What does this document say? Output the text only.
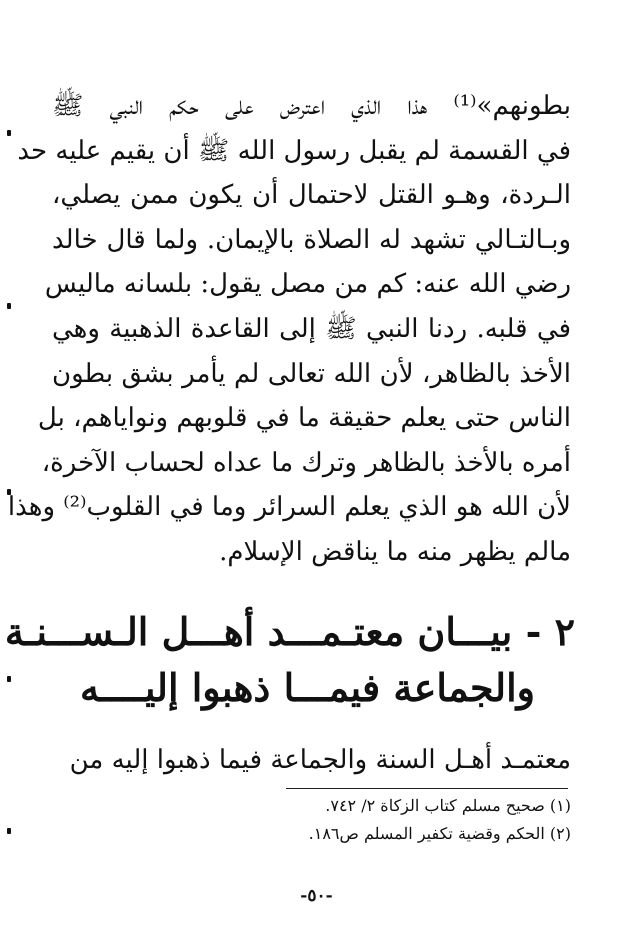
بطونهم»⁽¹⁾ هذا الذي اعترض على حكم النبي ﷺ
في القسمة لم يقبل رسول الله ﷺ أن يقيم عليه حد
الـردة، وهـو القتل لاحتمال أن يكون ممن يصلي،
وبـالتـالي تشهد له الصلاة بالإيمان. ولما قال خالد
رضي الله عنه: كم من مصل يقول: بلسانه ماليس
في قلبه. ردنا النبي ﷺ إلى القاعدة الذهبية وهي
الأخذ بالظاهر، لأن الله تعالى لم يأمر بشق بطون
الناس حتى يعلم حقيقة ما في قلوبهم ونواياهم، بل
أمره بالأخذ بالظاهر وترك ما عداه لحساب الآخرة،
لأن الله هو الذي يعلم السرائر وما في القلوب⁽²⁾ وهذا
مالم يظهر منه ما يناقض الإسلام.
٢ - بيـــان معتـمـــد أهـــل الـســـنـة
والجماعة فيمـــا ذهبوا إليــــه
معتمـد أهـل السنة والجماعة فيما ذهبوا إليه من
(١) صحيح مسلم كتاب الزكاة ٢/ ٧٤٢.
(٢) الحكم وقضية تكفير المسلم ص١٨٦.
-٥٠-
